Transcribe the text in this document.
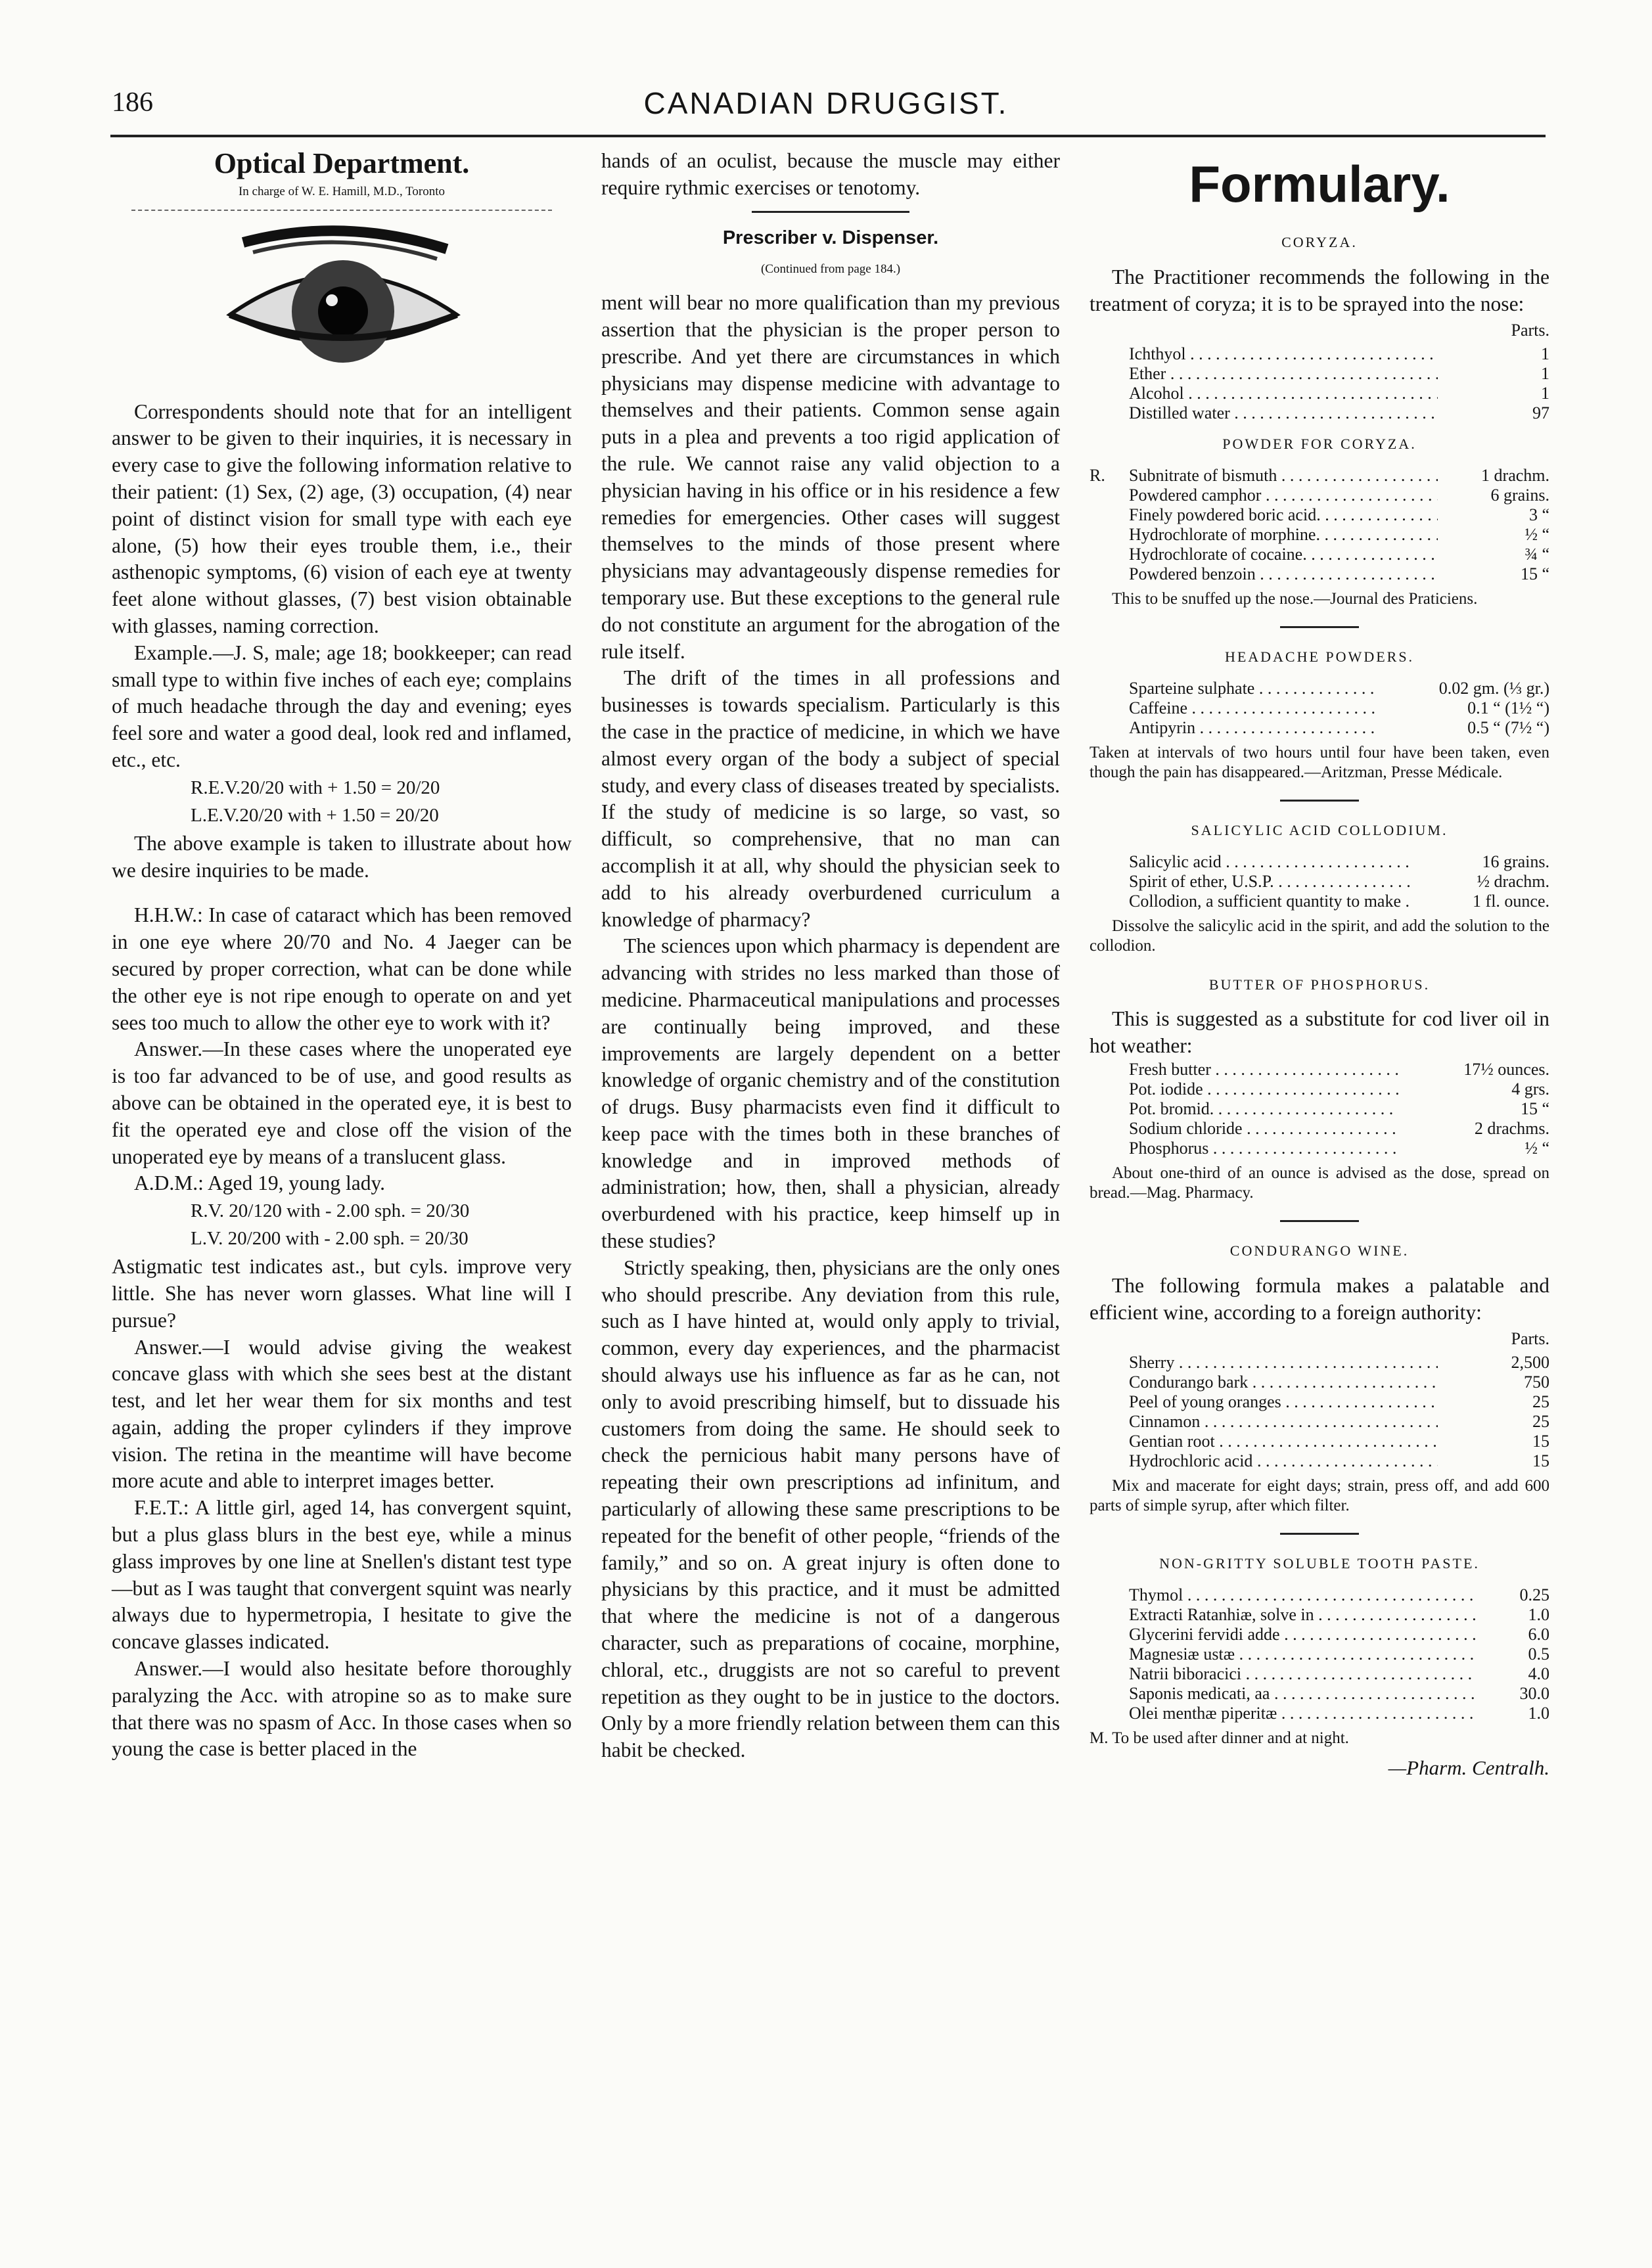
186	CANADIAN DRUGGIST.
Optical Department.
In charge of W. E. Hamill, M.D., Toronto

Correspondents should note that for an intelligent answer to be given to their inquiries, it is necessary in every case to give the following information relative to their patient: (1) Sex, (2) age, (3) occupation, (4) near point of distinct vision for small type with each eye alone, (5) how their eyes trouble them, i.e., their asthenopic symptoms, (6) vision of each eye at twenty feet alone without glasses, (7) best vision obtainable with glasses, naming correction.

Example.—J. S, male; age 18; bookkeeper; can read small type to within five inches of each eye; complains of much headache through the day and evening; eyes feel sore and water a good deal, look red and inflamed, etc., etc.

R.E.V.20/20 with + 1.50 = 20/20
L.E.V.20/20 with + 1.50 = 20/20

The above example is taken to illustrate about how we desire inquiries to be made.

H.H.W.: In case of cataract which has been removed in one eye where 20/70 and No. 4 Jaeger can be secured by proper correction, what can be done while the other eye is not ripe enough to operate on and yet sees too much to allow the other eye to work with it?

Answer.—In these cases where the unoperated eye is too far advanced to be of use, and good results as above can be obtained in the operated eye, it is best to fit the operated eye and close off the vision of the unoperated eye by means of a translucent glass.

A.D.M.: Aged 19, young lady.

R.V. 20/120 with - 2.00 sph. = 20/30
L.V. 20/200 with - 2.00 sph. = 20/30

Astigmatic test indicates ast., but cyls. improve very little. She has never worn glasses. What line will I pursue?

Answer.—I would advise giving the weakest concave glass with which she sees best at the distant test, and let her wear them for six months and test again, adding the proper cylinders if they improve vision. The retina in the meantime will have become more acute and able to interpret images better.

F.E.T.: A little girl, aged 14, has convergent squint, but a plus glass blurs in the best eye, while a minus glass improves by one line at Snellen's distant test type—but as I was taught that convergent squint was nearly always due to hypermetropia, I hesitate to give the concave glasses indicated.

Answer.—I would also hesitate before thoroughly paralyzing the Acc. with atropine so as to make sure that there was no spasm of Acc. In those cases when so young the case is better placed in the

hands of an oculist, because the muscle may either require rythmic exercises or tenotomy.

Prescriber v. Dispenser.
(Continued from page 184.)

ment will bear no more qualification than my previous assertion that the physician is the proper person to prescribe. And yet there are circumstances in which physicians may dispense medicine with advantage to themselves and their patients. Common sense again puts in a plea and prevents a too rigid application of the rule. We cannot raise any valid objection to a physician having in his office or in his residence a few remedies for emergencies. Other cases will suggest themselves to the minds of those present where physicians may advantageously dispense remedies for temporary use. But these exceptions to the general rule do not constitute an argument for the abrogation of the rule itself.

The drift of the times in all professions and businesses is towards specialism. Particularly is this the case in the practice of medicine, in which we have almost every organ of the body a subject of special study, and every class of diseases treated by specialists. If the study of medicine is so large, so vast, so difficult, so comprehensive, that no man can accomplish it at all, why should the physician seek to add to his already overburdened curriculum a knowledge of pharmacy?

The sciences upon which pharmacy is dependent are advancing with strides no less marked than those of medicine. Pharmaceutical manipulations and processes are continually being improved, and these improvements are largely dependent on a better knowledge of organic chemistry and of the constitution of drugs. Busy pharmacists even find it difficult to keep pace with the times both in these branches of knowledge and in improved methods of administration; how, then, shall a physician, already overburdened with his practice, keep himself up in these studies?

Strictly speaking, then, physicians are the only ones who should prescribe. Any deviation from this rule, such as I have hinted at, would only apply to trivial, common, every day experiences, and the pharmacist should always use his influence as far as he can, not only to avoid prescribing himself, but to dissuade his customers from doing the same. He should seek to check the pernicious habit many persons have of repeating their own prescriptions ad infinitum, and particularly of allowing these same prescriptions to be repeated for the benefit of other people, “friends of the family,” and so on. A great injury is often done to physicians by this practice, and it must be admitted that where the medicine is not of a dangerous character, such as preparations of cocaine, morphine, chloral, etc., druggists are not so careful to prevent repetition as they ought to be in justice to the doctors. Only by a more friendly relation between them can this habit be checked.

Formulary.
CORYZA.

The Practitioner recommends the following in the treatment of coryza; it is to be sprayed into the nose:

Parts.
Ichthyol . . .	1
Ether . . .	1
Alcohol . . .	1
Distilled water . . .	97
POWDER FOR CORYZA.
R.	Subnitrate of bismuth . . .	1 drachm.
Powdered camphor . . .	6 grains.
Finely powdered boric acid. . . .	3 “
Hydrochlorate of morphine. . . .	½ “
Hydrochlorate of cocaine. . . .	¾ “
Powdered benzoin . . .	15 “
This to be snuffed up the nose.—Journal des Praticiens.
HEADACHE POWDERS.
Sparteine sulphate . . .	0.02 gm. (⅓ gr.)
Caffeine . . .	0.1 “ (1½ “)
Antipyrin . . .	0.5 “ (7½ “)
Taken at intervals of two hours until four have been taken, even though the pain has disappeared.—Aritzman, Presse Médicale.
SALICYLIC ACID COLLODIUM.
Salicylic acid . . .	16 grains.
Spirit of ether, U.S.P. . . .	½ drachm.
Collodion, a sufficient quantity to make . . .	1 fl. ounce.
Dissolve the salicylic acid in the spirit, and add the solution to the collodion.
BUTTER OF PHOSPHORUS.

This is suggested as a substitute for cod liver oil in hot weather:

Fresh butter . . .	17½ ounces.
Pot. iodide . . .	4 grs.
Pot. bromid. . . .	15 “
Sodium chloride . . .	2 drachms.
Phosphorus . . .	½ “
About one-third of an ounce is advised as the dose, spread on bread.—Mag. Pharmacy.
CONDURANGO WINE.

The following formula makes a palatable and efficient wine, according to a foreign authority:

Parts.
Sherry . . .	2,500
Condurango bark . . .	750
Peel of young oranges . . .	25
Cinnamon . . .	25
Gentian root . . .	15
Hydrochloric acid . . .	15
Mix and macerate for eight days; strain, press off, and add 600 parts of simple syrup, after which filter.
NON-GRITTY SOLUBLE TOOTH PASTE.
Thymol . . .	0.25
Extracti Ratanhiæ, solve in . . .	1.0
Glycerini fervidi adde . . .	6.0
Magnesiæ ustæ . . .	0.5
Natrii biboracici . . .	4.0
Saponis medicati, aa . . .	30.0
Olei menthæ piperitæ . . .	1.0
M. To be used after dinner and at night.
—Pharm. Centralh.
